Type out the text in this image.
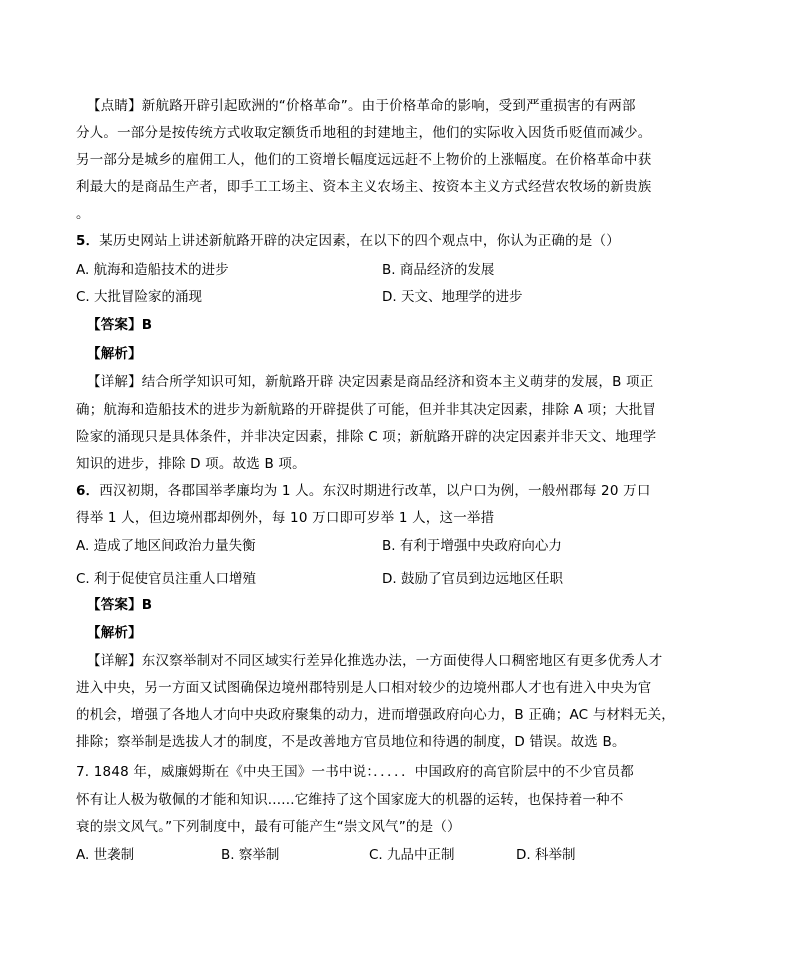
【点睛】新航路开辟引起欧洲的“价格革命”。由于价格革命的影响，受到严重损害的有两部
分人。一部分是按传统方式收取定额货币地租的封建地主，他们的实际收入因货币贬值而减少。
另一部分是城乡的雇佣工人，他们的工资增长幅度远远赶不上物价的上涨幅度。在价格革命中获
利最大的是商品生产者，即手工工场主、资本主义农场主、按资本主义方式经营农牧场的新贵族
。
5．某历史网站上讲述新航路开辟的决定因素，在以下的四个观点中，你认为正确的是（）
A. 航海和造船技术的进步	B. 商品经济的发展
C. 大批冒险家的涌现	D. 天文、地理学的进步
【答案】B
【解析】
【详解】结合所学知识可知，新航路开辟 决定因素是商品经济和资本主义萌芽的发展，B 项正
确；航海和造船技术的进步为新航路的开辟提供了可能，但并非其决定因素，排除 A 项；大批冒
险家的涌现只是具体条件，并非决定因素，排除 C 项；新航路开辟的决定因素并非天文、地理学
知识的进步，排除 D 项。故选 B 项。
6．西汉初期，各郡国举孝廉均为 1 人。东汉时期进行改革，以户口为例，一般州郡每 20 万口
得举 1 人，但边境州郡却例外，每 10 万口即可岁举 1 人，这一举措
A. 造成了地区间政治力量失衡	B. 有利于增强中央政府向心力
C. 利于促使官员注重人口增殖	D. 鼓励了官员到边远地区任职
【答案】B
【解析】
【详解】东汉察举制对不同区域实行差异化推选办法，一方面使得人口稠密地区有更多优秀人才
进入中央，另一方面又试图确保边境州郡特别是人口相对较少的边境州郡人才也有进入中央为官
的机会，增强了各地人才向中央政府聚集的动力，进而增强政府向心力，B 正确；AC 与材料无关，
排除；察举制是选拔人才的制度，不是改善地方官员地位和待遇的制度，D 错误。故选 B。
7. 1848 年，威廉姆斯在《中央王国》一书中说：．．．．．中国政府的高官阶层中的不少官员都
怀有让人极为敬佩的才能和知识......它维持了这个国家庞大的机器的运转，也保持着一种不
衰的崇文风气。”下列制度中，最有可能产生“崇文风气”的是（）
A. 世袭制	B. 察举制	C. 九品中正制	D. 科举制
